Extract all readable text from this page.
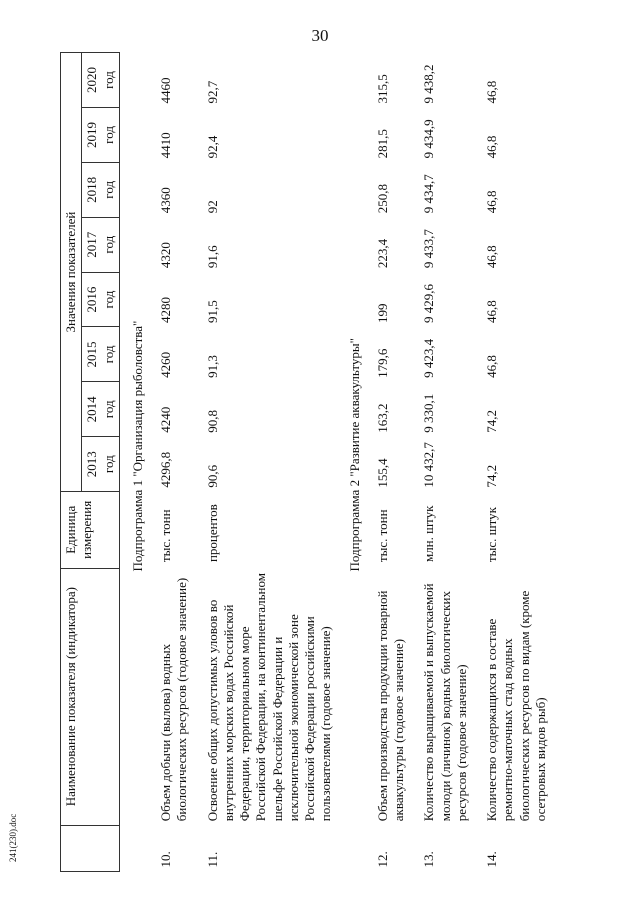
30
	Наименование показателя (индикатора)	Единица измерения	Значения показателей							
			2013 год	2014 год	2015 год	2016 год	2017 год	2018 год	2019 год	2020 год
Подпрограмма 1 "Организация рыболовства"										
10.	Объем добычи (вылова) водных биологических ресурсов (годовое значение)	тыс. тонн	4296,8	4240	4260	4280	4320	4360	4410	4460

11.	Освоение общих допустимых уловов во внутренних морских водах Российской Федерации, территориальном море Российской Федерации, на континентальном шельфе Российской Федерации и исключительной экономической зоне Российской Федерации российскими пользователями (годовое значение)	процентов	90,6	90,8	91,3	91,5	91,6	92	92,4	92,7
Подпрограмма 2 "Развитие аквакультуры"										
12.	Объем производства продукции товарной аквакультуры (годовое значение)	тыс. тонн	155,4	163,2	179,6	199	223,4	250,8	281,5	315,5

13.	Количество выращиваемой и выпускаемой молоди (личинок) водных биологических ресурсов (годовое значение)	млн. штук	10 432,7	9 330,1	9 423,4	9 429,6	9 433,7	9 434,7	9 434,9	9 438,2

14.	Количество содержащихся в составе ремонтно-маточных стад водных биологических ресурсов по видам (кроме осетровых видов рыб)	тыс. штук	74,2	74,2	46,8	46,8	46,8	46,8	46,8	46,8
241(230).doc
